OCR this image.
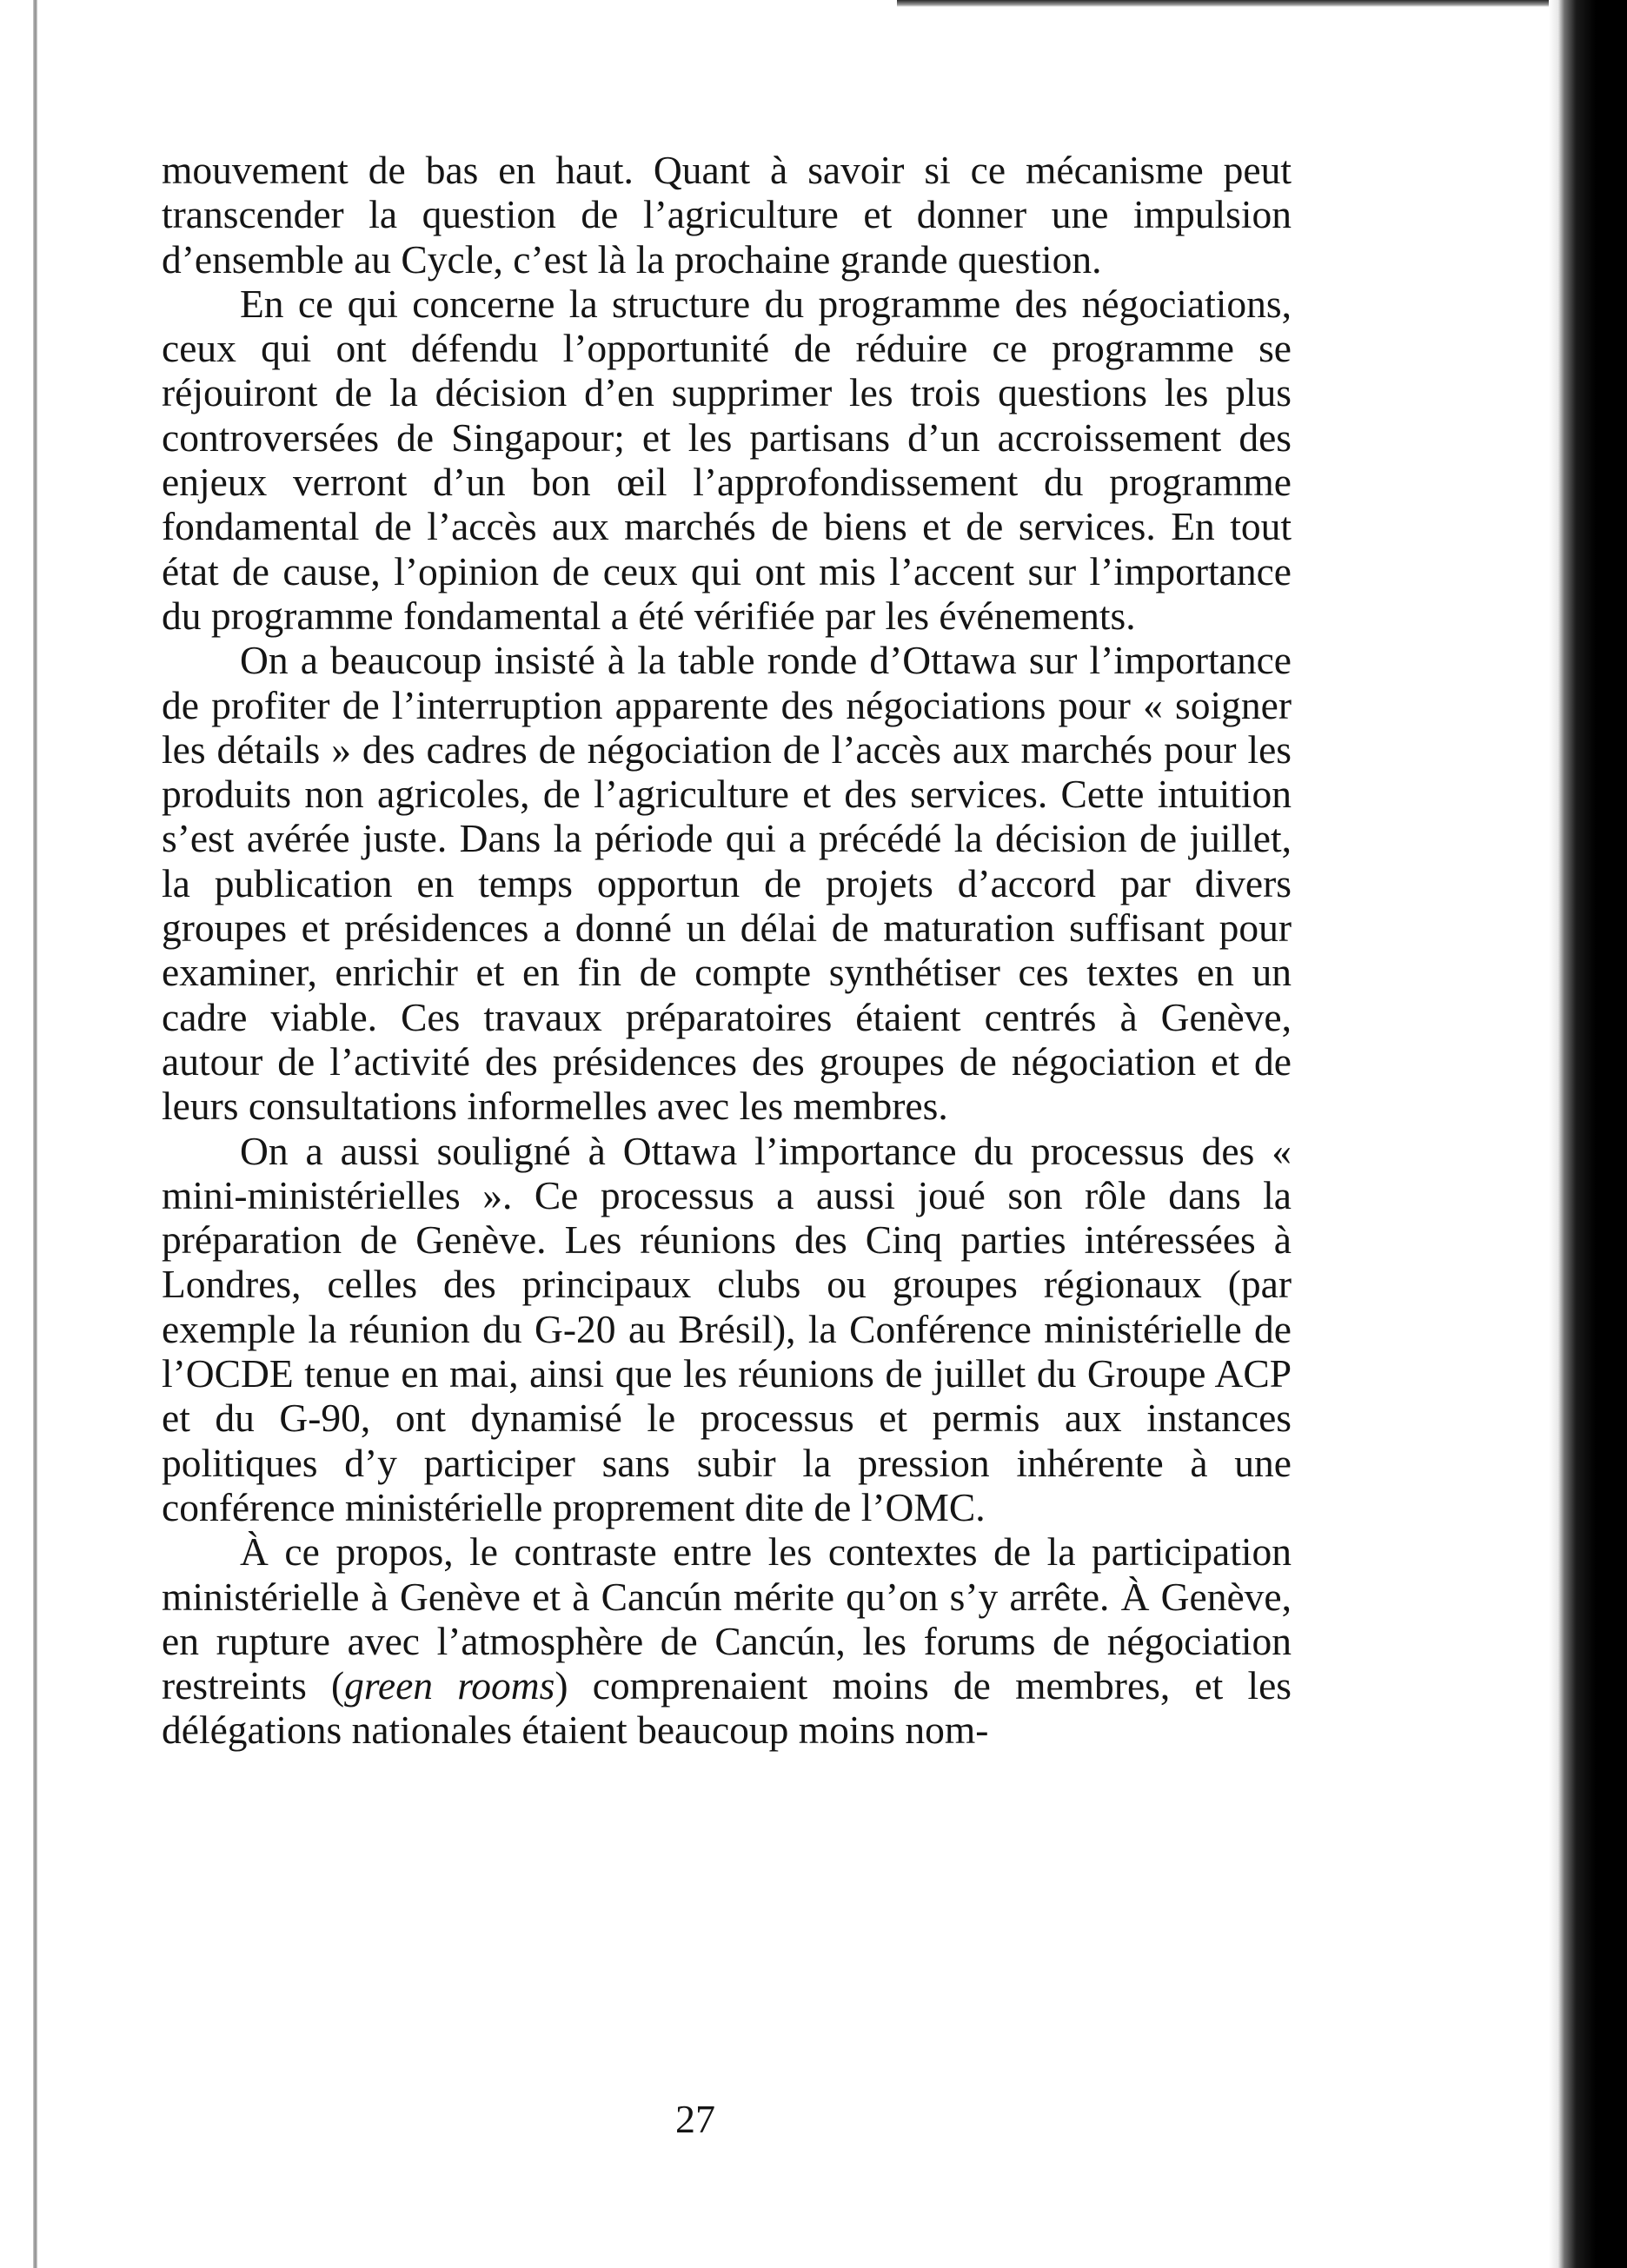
mouvement de bas en haut. Quant à savoir si ce mécanisme peut transcender la question de l’agriculture et donner une impulsion d’ensemble au Cycle, c’est là la prochaine grande question.

En ce qui concerne la structure du programme des négociations, ceux qui ont défendu l’opportunité de réduire ce programme se réjouiront de la décision d’en supprimer les trois questions les plus controversées de Singapour; et les partisans d’un accroissement des enjeux verront d’un bon œil l’approfondissement du programme fondamental de l’accès aux marchés de biens et de services. En tout état de cause, l’opinion de ceux qui ont mis l’accent sur l’importance du programme fondamental a été vérifiée par les événements.

On a beaucoup insisté à la table ronde d’Ottawa sur l’importance de profiter de l’interruption apparente des négociations pour « soigner les détails » des cadres de négociation de l’accès aux marchés pour les produits non agricoles, de l’agriculture et des services. Cette intuition s’est avérée juste. Dans la période qui a précédé la décision de juillet, la publication en temps opportun de projets d’accord par divers groupes et présidences a donné un délai de maturation suffisant pour examiner, enrichir et en fin de compte synthétiser ces textes en un cadre viable. Ces travaux préparatoires étaient centrés à Genève, autour de l’activité des présidences des groupes de négociation et de leurs consultations informelles avec les membres.

On a aussi souligné à Ottawa l’importance du processus des « mini-ministérielles ». Ce processus a aussi joué son rôle dans la préparation de Genève. Les réunions des Cinq parties intéressées à Londres, celles des principaux clubs ou groupes régionaux (par exemple la réunion du G-20 au Brésil), la Conférence ministérielle de l’OCDE tenue en mai, ainsi que les réunions de juillet du Groupe ACP et du G-90, ont dynamisé le processus et permis aux instances politiques d’y participer sans subir la pression inhérente à une conférence ministérielle proprement dite de l’OMC.

À ce propos, le contraste entre les contextes de la participation ministérielle à Genève et à Cancún mérite qu’on s’y arrête. À Genève, en rupture avec l’atmosphère de Cancún, les forums de négociation restreints (green rooms) comprenaient moins de membres, et les délégations nationales étaient beaucoup moins nom-

27
